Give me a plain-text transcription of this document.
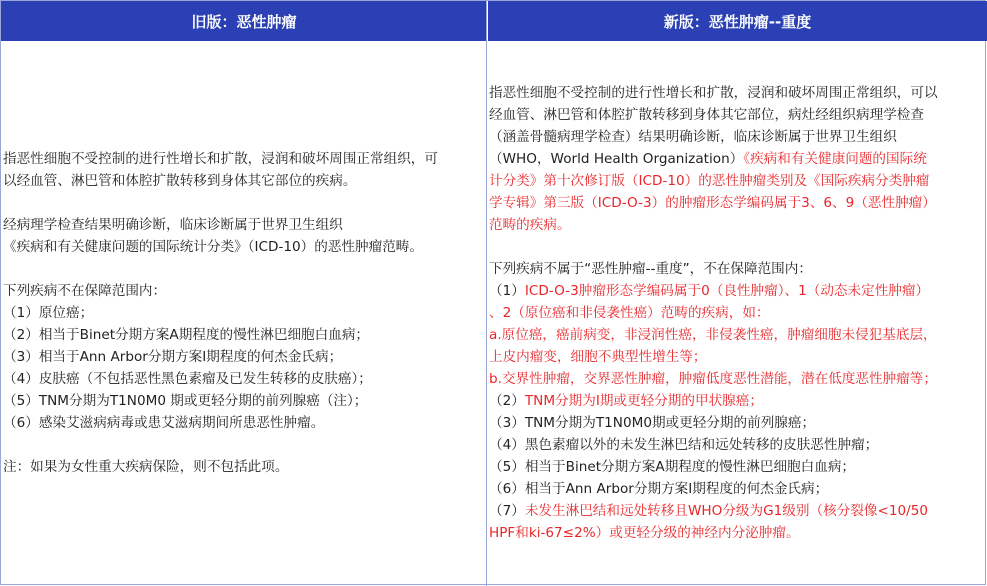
旧版：恶性肿瘤	新版：恶性肿瘤--重度
指恶性细胞不受控制的进行性增长和扩散，浸润和破坏周围正常组织，可
以经血管、淋巴管和体腔扩散转移到身体其它部位的疾病。
经病理学检查结果明确诊断，临床诊断属于世界卫生组织
《疾病和有关健康问题的国际统计分类》（ICD-10）的恶性肿瘤范畴。
下列疾病不在保障范围内：
（1）原位癌；
（2）相当于Binet分期方案A期程度的慢性淋巴细胞白血病；
（3）相当于Ann Arbor分期方案Ⅰ期程度的何杰金氏病；
（4）皮肤癌（不包括恶性黑色素瘤及已发生转移的皮肤癌）；
（5）TNM分期为T1N0M0 期或更轻分期的前列腺癌（注）；
（6）感染艾滋病病毒或患艾滋病期间所患恶性肿瘤。
注：如果为女性重大疾病保险，则不包括此项。
指恶性细胞不受控制的进行性增长和扩散，浸润和破坏周围正常组织，可以
经血管、淋巴管和体腔扩散转移到身体其它部位，病灶经组织病理学检查
（涵盖骨髓病理学检查）结果明确诊断，临床诊断属于世界卫生组织
（WHO，World Health Organization）《疾病和有关健康问题的国际统
计分类》第十次修订版（ICD-10）的恶性肿瘤类别及《国际疾病分类肿瘤
学专辑》第三版（ICD-O-3）的肿瘤形态学编码属于3、6、9（恶性肿瘤）
范畴的疾病。
下列疾病不属于“恶性肿瘤--重度”，不在保障范围内：
（1）ICD-O-3肿瘤形态学编码属于0（良性肿瘤）、1（动态未定性肿瘤）
、2（原位癌和非侵袭性癌）范畴的疾病，如：
a.原位癌，癌前病变，非浸润性癌，非侵袭性癌，肿瘤细胞未侵犯基底层，
上皮内瘤变，细胞不典型性增生等；
b.交界性肿瘤，交界恶性肿瘤，肿瘤低度恶性潜能，潜在低度恶性肿瘤等；
（2）TNM分期为Ⅰ期或更轻分期的甲状腺癌；
（3）TNM分期为T1N0M0期或更轻分期的前列腺癌；
（4）黑色素瘤以外的未发生淋巴结和远处转移的皮肤恶性肿瘤；
（5）相当于Binet分期方案A期程度的慢性淋巴细胞白血病；
（6）相当于Ann Arbor分期方案Ⅰ期程度的何杰金氏病；
（7）未发生淋巴结和远处转移且WHO分级为G1级别（核分裂像<10/50
HPF和ki-67≤2%）或更轻分级的神经内分泌肿瘤。
